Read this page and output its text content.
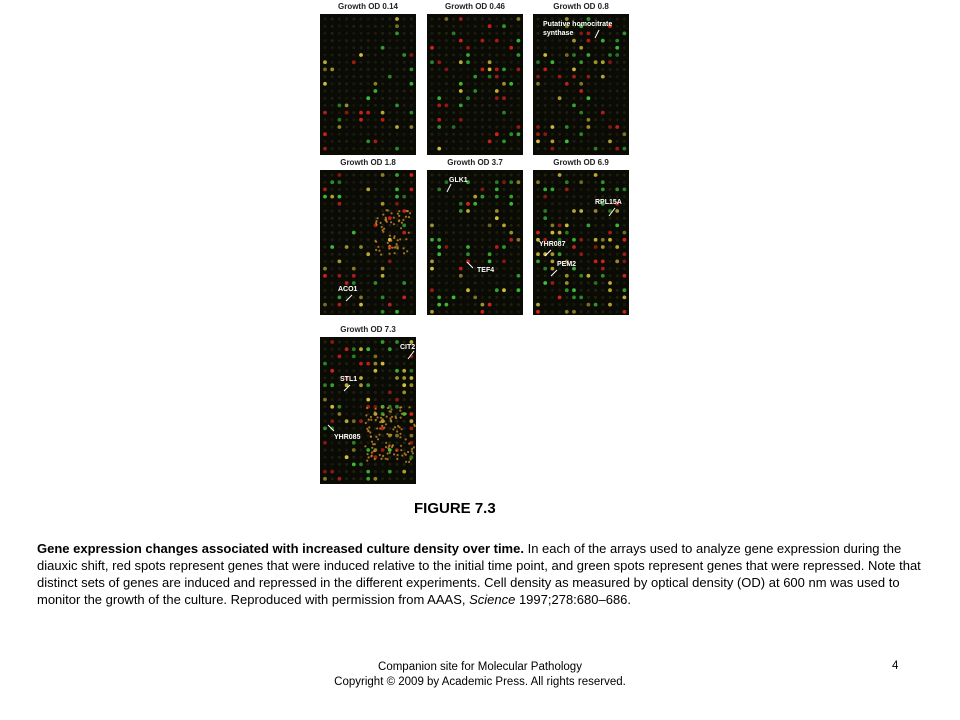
Growth OD 0.14	Growth OD 0.46	Growth OD 0.8
Putative homocitrate
synthase
Growth OD 1.8
ACO1
Growth OD 3.7
GLK1
TEF4
Growth OD 6.9
RPL15A
YHR087
PEM2
Growth OD 7.3
CIT2
STL1
YHR085
FIGURE 7.3

Gene expression changes associated with increased culture density over time. In each of the arrays used to analyze gene expression during the diauxic shift, red spots represent genes that were induced relative to the initial time point, and green spots represent genes that were repressed. Note that distinct sets of genes are induced and repressed in the different experiments. Cell density as measured by optical density (OD) at 600 nm was used to monitor the growth of the culture. Reproduced with permission from AAAS, Science 1997;278:680–686.

Companion site for Molecular Pathology
Copyright © 2009 by Academic Press. All rights reserved.
4
